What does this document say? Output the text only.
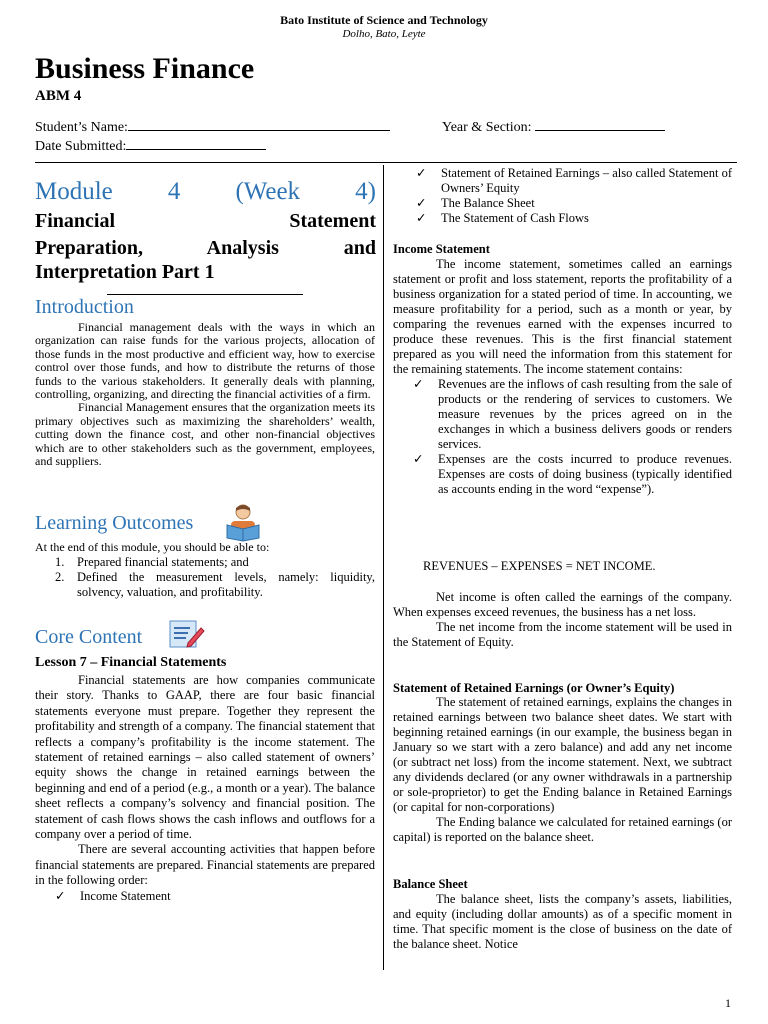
Bato Institute of Science and Technology
Dolho, Bato, Leyte
Business Finance
ABM 4
Student’s Name:	Year & Section:
Date Submitted:
Module 4 (Week 4)
Financial Statement
Preparation, Analysis and
Interpretation Part 1
Introduction

Financial management deals with the ways in which an organization can raise funds for the various projects, allocation of those funds in the most productive and efficient way, how to exercise control over those funds, and how to distribute the returns of those funds to the various stakeholders. It generally deals with planning, controlling, organizing, and directing the financial activities of a firm.

Financial Management ensures that the organization meets its primary objectives such as maximizing the shareholders’ wealth, cutting down the finance cost, and other non-financial objectives which are to other stakeholders such as the government, employees, and suppliers.

Learning Outcomes

At the end of this module, you should be able to:

1.	Prepared financial statements; and
2.	Defined the measurement levels, namely: liquidity, solvency, valuation, and profitability.
Core Content
Lesson 7 – Financial Statements

Financial statements are how companies communicate their story. Thanks to GAAP, there are four basic financial statements everyone must prepare. Together they represent the profitability and strength of a company. The financial statement that reflects a company’s profitability is the income statement. The statement of retained earnings – also called statement of owners’ equity shows the change in retained earnings between the beginning and end of a period (e.g., a month or a year). The balance sheet reflects a company’s solvency and financial position. The statement of cash flows shows the cash inflows and outflows for a company over a period of time.

There are several accounting activities that happen before financial statements are prepared. Financial statements are prepared in the following order:

✓	Income Statement
✓	Statement of Retained Earnings – also called Statement of Owners’ Equity
✓	The Balance Sheet
✓	The Statement of Cash Flows
Income Statement

The income statement, sometimes called an earnings statement or profit and loss statement, reports the profitability of a business organization for a stated period of time. In accounting, we measure profitability for a period, such as a month or year, by comparing the revenues earned with the expenses incurred to produce these revenues. This is the first financial statement prepared as you will need the information from this statement for the remaining statements. The income statement contains:

✓	Revenues are the inflows of cash resulting from the sale of products or the rendering of services to customers. We measure revenues by the prices agreed on in the exchanges in which a business delivers goods or renders services.
✓	Expenses are the costs incurred to produce revenues. Expenses are costs of doing business (typically identified as accounts ending in the word “expense”).
REVENUES – EXPENSES = NET INCOME.

Net income is often called the earnings of the company. When expenses exceed revenues, the business has a net loss.

The net income from the income statement will be used in the Statement of Equity.

Statement of Retained Earnings (or Owner’s Equity)

The statement of retained earnings, explains the changes in retained earnings between two balance sheet dates. We start with beginning retained earnings (in our example, the business began in January so we start with a zero balance) and add any net income (or subtract net loss) from the income statement. Next, we subtract any dividends declared (or any owner withdrawals in a partnership or sole-proprietor) to get the Ending balance in Retained Earnings (or capital for non-corporations)

The Ending balance we calculated for retained earnings (or capital) is reported on the balance sheet.

Balance Sheet

The balance sheet, lists the company’s assets, liabilities, and equity (including dollar amounts) as of a specific moment in time. That specific moment is the close of business on the date of the balance sheet. Notice

1
